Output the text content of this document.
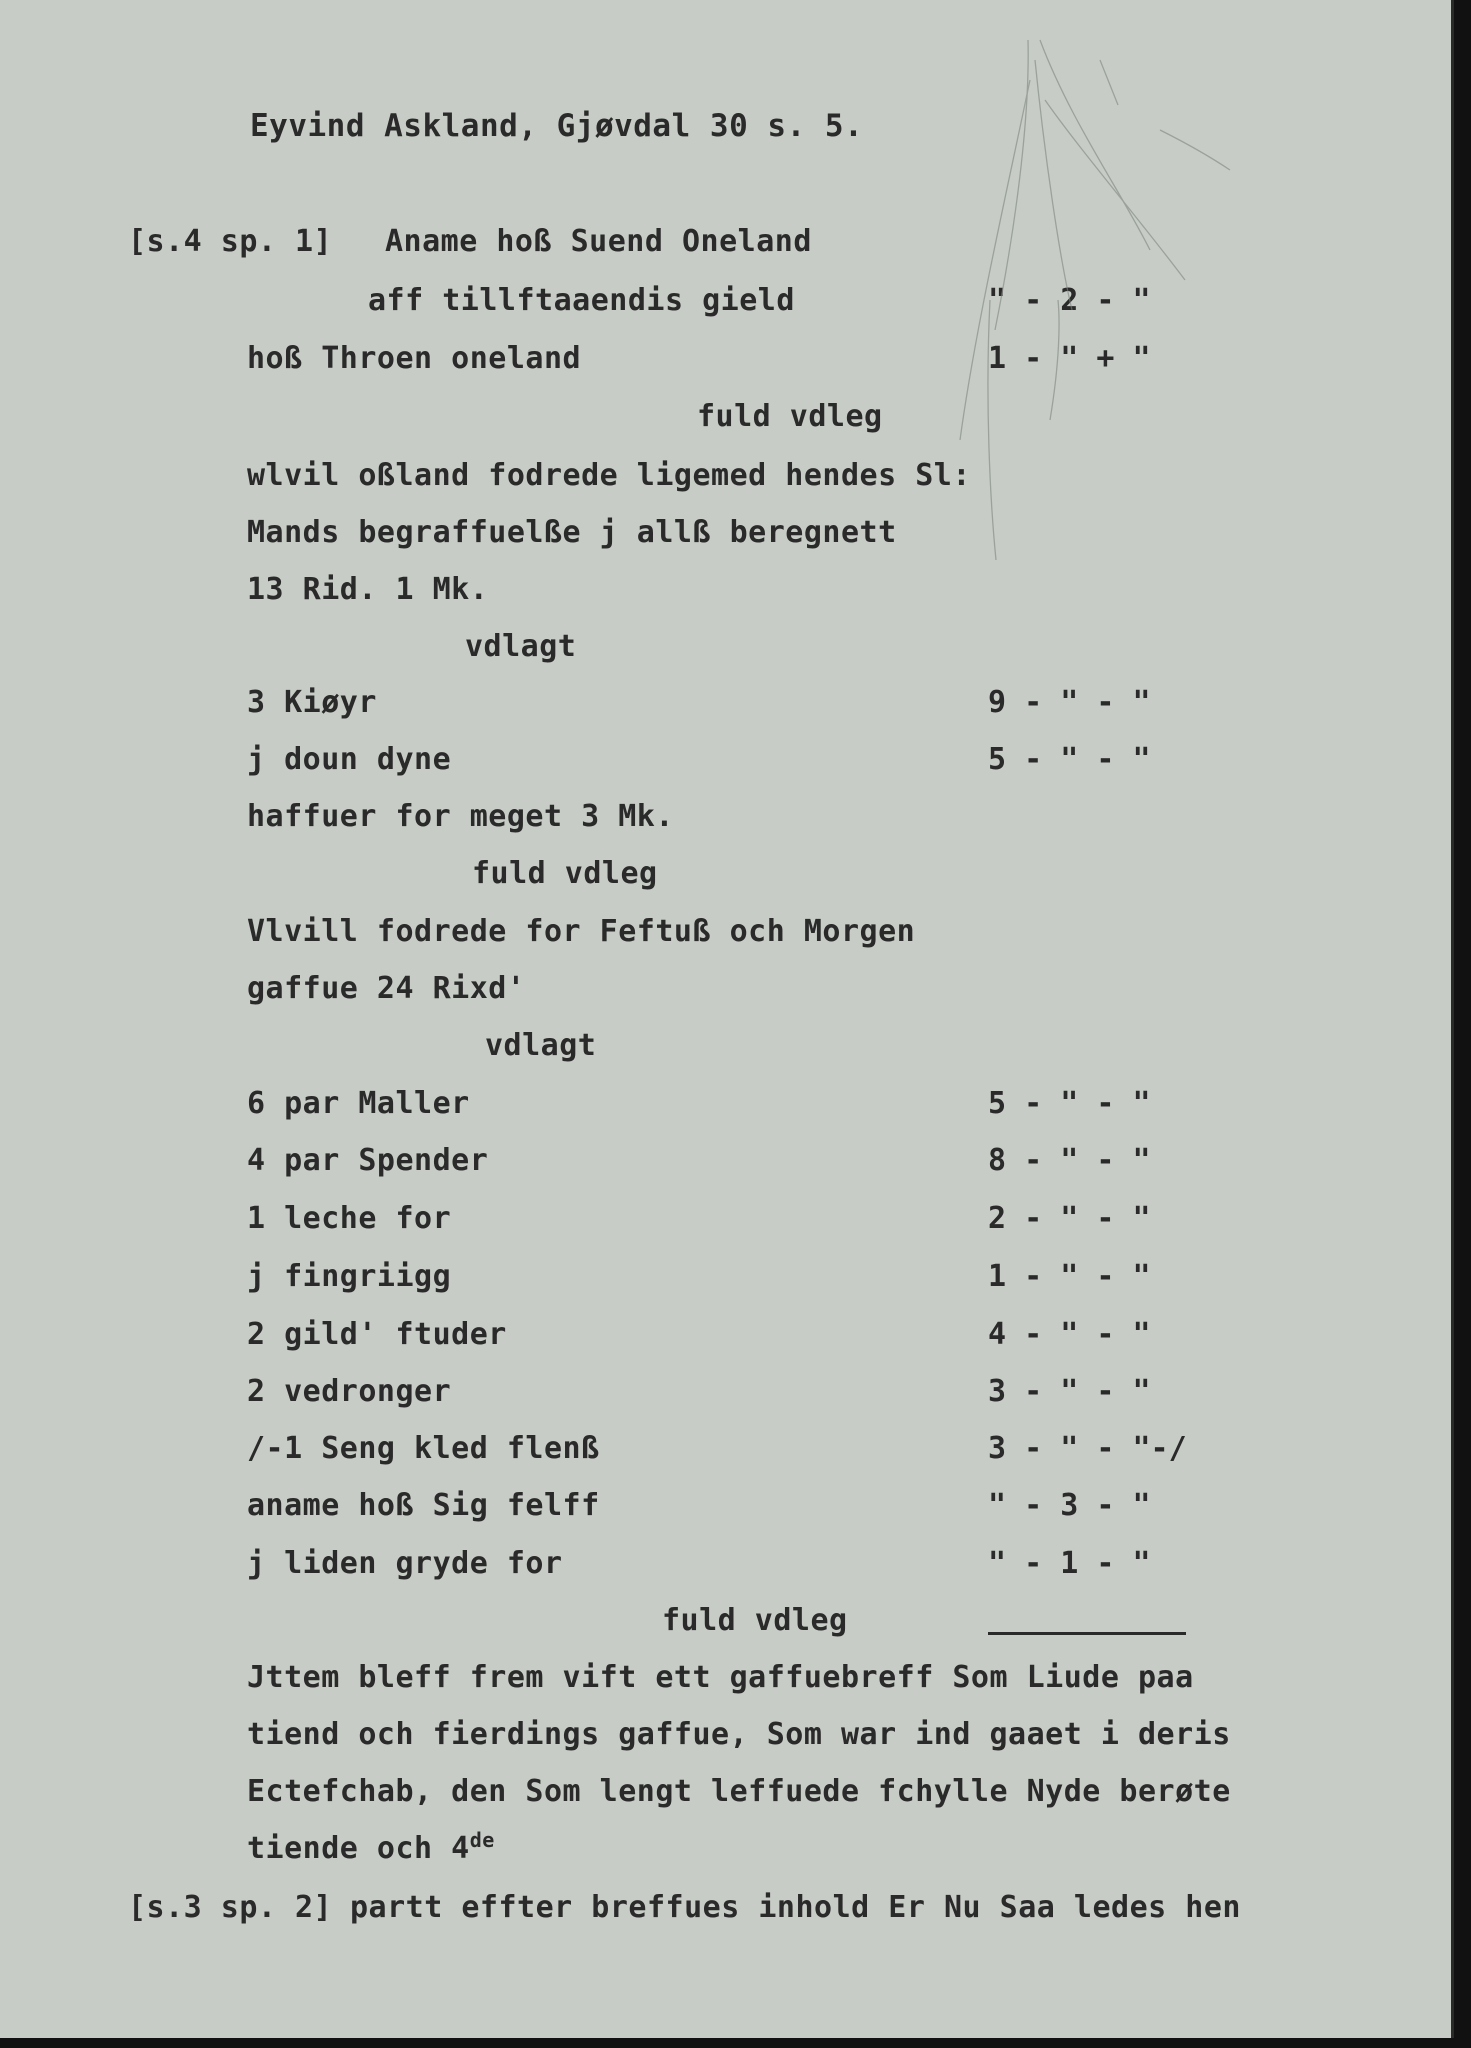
Eyvind Askland, Gjøvdal 30 s. 5.
[s.4 sp. 1] Aname hoß Suend Oneland
aff tillftaaendis gield	" - 2 - "
hoß Throen oneland	1 - " + "
fuld vdleg
wlvil oßland fodrede ligemed hendes Sl:
Mands begraffuelße j allß beregnett
13 Rid. 1 Mk.
vdlagt
3 Kiøyr	9 - " - "
j doun dyne	5 - " - "
haffuer for meget 3 Mk.
fuld vdleg
Vlvill fodrede for Feftuß och Morgen
gaffue 24 Rixd'
vdlagt
6 par Maller	5 - " - "
4 par Spender	8 - " - "
1 leche for	2 - " - "
j fingriigg	1 - " - "
2 gild' ftuder	4 - " - "
2 vedronger	3 - " - "
/-1 Seng kled flenß	3 - " - "-/
aname hoß Sig felff	" - 3 - "
j liden gryde for	" - 1 - "
fuld vdleg
Jttem bleff frem vift ett gaffuebreff Som Liude paa
tiend och fierdings gaffue, Som war ind gaaet i deris
Ectefchab, den Som lengt leffuede fchylle Nyde berøte
tiende och 4de
[s.3 sp. 2] partt effter breffues inhold Er Nu Saa ledes hen
